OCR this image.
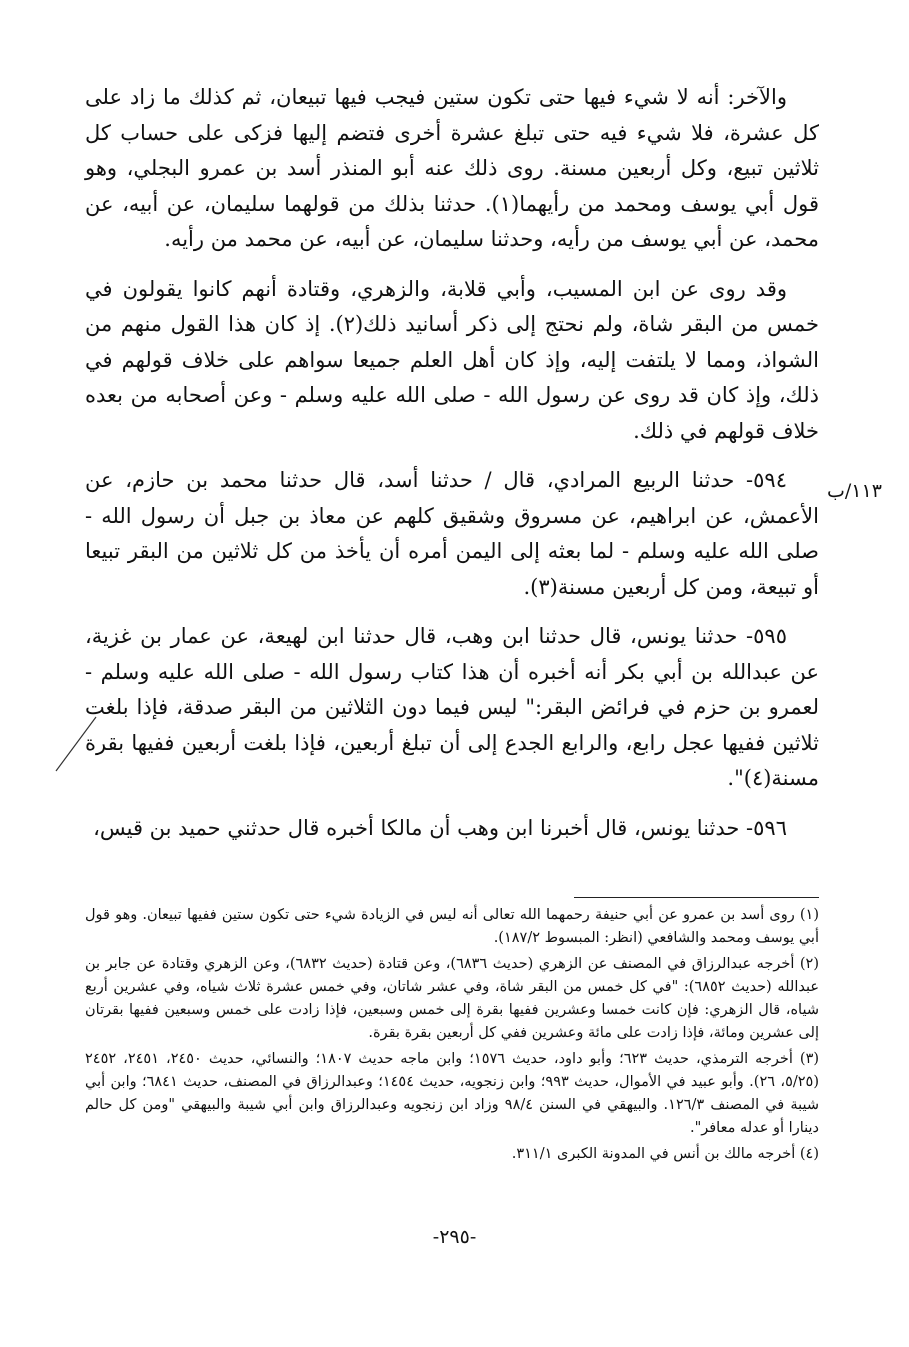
١١٣/ب

والآخر: أنه لا شيء فيها حتى تكون ستين فيجب فيها تبيعان، ثم كذلك ما زاد على كل عشرة، فلا شيء فيه حتى تبلغ عشرة أخرى فتضم إليها فزكى على حساب كل ثلاثين تبيع، وكل أربعين مسنة. روى ذلك عنه أبو المنذر أسد بن عمرو البجلي، وهو قول أبي يوسف ومحمد من رأيهما(١). حدثنا بذلك من قولهما سليمان، عن أبيه، عن محمد، عن أبي يوسف من رأيه، وحدثنا سليمان، عن أبيه، عن محمد من رأيه.

وقد روى عن ابن المسيب، وأبي قلابة، والزهري، وقتادة أنهم كانوا يقولون في خمس من البقر شاة، ولم نحتج إلى ذكر أسانيد ذلك(٢). إذ كان هذا القول منهم من الشواذ، ومما لا يلتفت إليه، وإذ كان أهل العلم جميعا سواهم على خلاف قولهم في ذلك، وإذ كان قد روى عن رسول الله - صلى الله عليه وسلم - وعن أصحابه من بعده خلاف قولهم في ذلك.

٥٩٤- حدثنا الربيع المرادي، قال / حدثنا أسد، قال حدثنا محمد بن حازم، عن الأعمش، عن ابراهيم، عن مسروق وشقيق كلهم عن معاذ بن جبل أن رسول الله - صلى الله عليه وسلم - لما بعثه إلى اليمن أمره أن يأخذ من كل ثلاثين من البقر تبيعا أو تبيعة، ومن كل أربعين مسنة(٣).

٥٩٥- حدثنا يونس، قال حدثنا ابن وهب، قال حدثنا ابن لهيعة، عن عمار بن غزية، عن عبدالله بن أبي بكر أنه أخبره أن هذا كتاب رسول الله - صلى الله عليه وسلم - لعمرو بن حزم في فرائض البقر:" ليس فيما دون الثلاثين من البقر صدقة، فإذا بلغت ثلاثين ففيها عجل رابع، والرابع الجدع إلى أن تبلغ أربعين، فإذا بلغت أربعين ففيها بقرة مسنة(٤)".

٥٩٦- حدثنا يونس، قال أخبرنا ابن وهب أن مالكا أخبره قال حدثني حميد بن قيس،

(١) روى أسد بن عمرو عن أبي حنيفة رحمهما الله تعالى أنه ليس في الزيادة شيء حتى تكون ستين ففيها تبيعان. وهو قول أبي يوسف ومحمد والشافعي (انظر: المبسوط ١٨٧/٢).

(٢) أخرجه عبدالرزاق في المصنف عن الزهري (حديث ٦٨٣٦)، وعن قتادة (حديث ٦٨٣٢)، وعن الزهري وقتادة عن جابر بن عبدالله (حديث ٦٨٥٢): "في كل خمس من البقر شاة، وفي عشر شاتان، وفي خمس عشرة ثلاث شياه، وفي عشرين أربع شياه، قال الزهري: فإن كانت خمسا وعشرين ففيها بقرة إلى خمس وسبعين، فإذا زادت على خمس وسبعين ففيها بقرتان إلى عشرين ومائة، فإذا زادت على مائة وعشرين ففي كل أربعين بقرة بقرة.

(٣) أخرجه الترمذي، حديث ٦٢٣؛ وأبو داود، حديث ١٥٧٦؛ وابن ماجه حديث ١٨٠٧؛ والنسائي، حديث ٢٤٥٠، ٢٤٥١، ٢٤٥٢ (٥/٢٥، ٢٦). وأبو عبيد في الأموال، حديث ٩٩٣؛ وابن زنجويه، حديث ١٤٥٤؛ وعبدالرزاق في المصنف، حديث ٦٨٤١؛ وابن أبي شيبة في المصنف ١٢٦/٣. والبيهقي في السنن ٩٨/٤ وزاد ابن زنجويه وعبدالرزاق وابن أبي شيبة والبيهقي "ومن كل حالم دينارا أو عدله معافر".

(٤) أخرجه مالك بن أنس في المدونة الكبرى ٣١١/١.

-٢٩٥-
